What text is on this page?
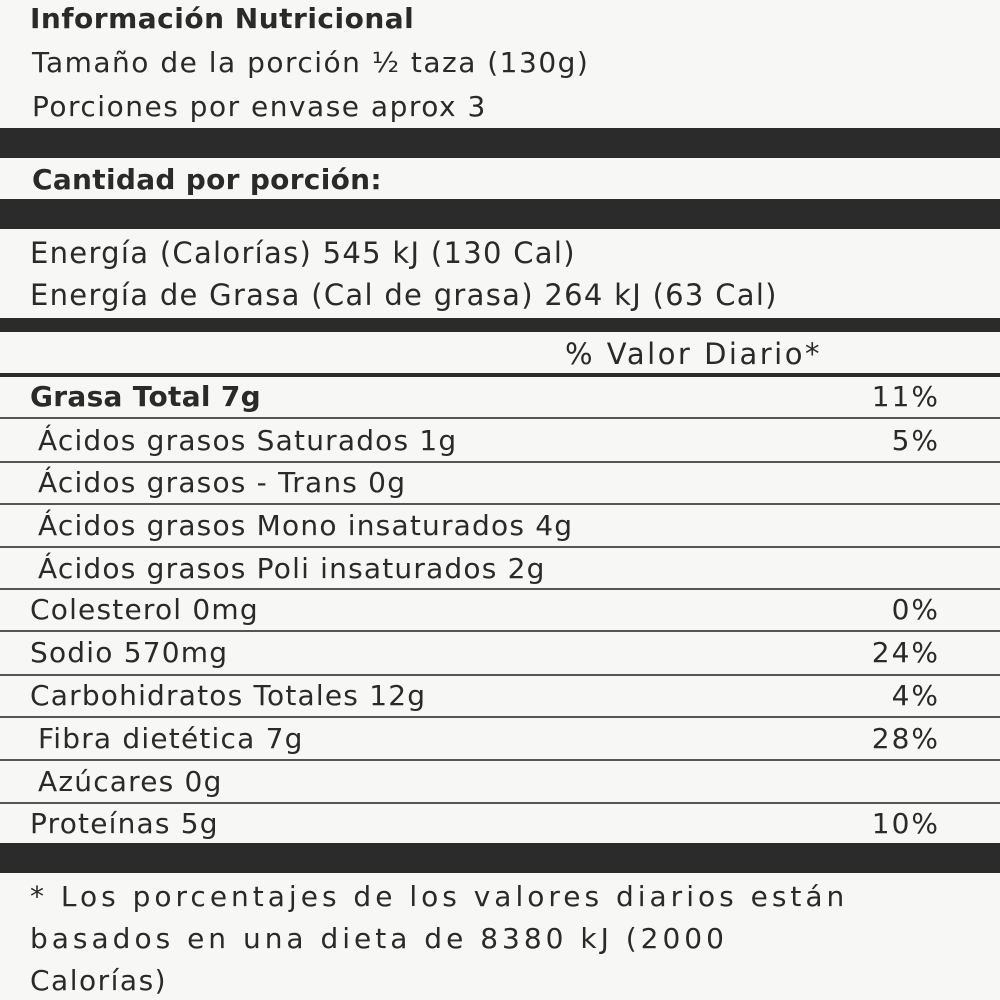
Información Nutricional
Tamaño de la porción ½ taza (130g)
Porciones por envase aprox 3
Cantidad por porción:
Energía (Calorías) 545 kJ (130 Cal)
Energía de Grasa (Cal de grasa) 264 kJ (63 Cal)
% Valor Diario*
Grasa Total 7g	11%
Ácidos grasos Saturados 1g	5%
Ácidos grasos - Trans 0g
Ácidos grasos Mono insaturados 4g
Ácidos grasos Poli insaturados 2g
Colesterol 0mg	0%
Sodio 570mg	24%
Carbohidratos Totales 12g	4%
Fibra dietética 7g	28%
Azúcares 0g
Proteínas 5g	10%
* Los porcentajes de los valores diarios están
basados en una dieta de 8380 kJ (2000
Calorías)
